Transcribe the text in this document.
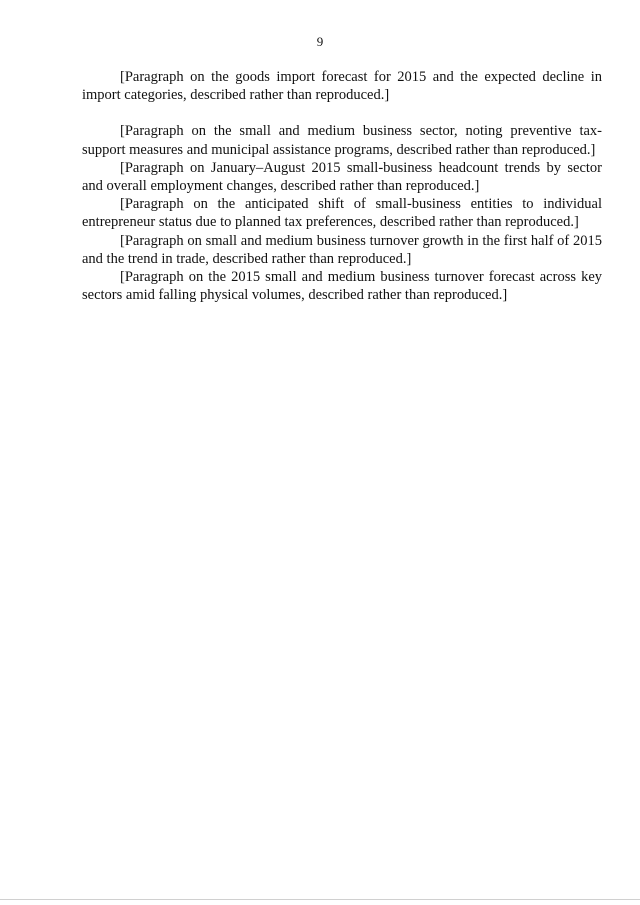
9

[Paragraph on the goods import forecast for 2015 and the expected decline in import categories, described rather than reproduced.]

[Paragraph on the small and medium business sector, noting preventive tax-support measures and municipal assistance programs, described rather than reproduced.]

[Paragraph on January–August 2015 small-business headcount trends by sector and overall employment changes, described rather than reproduced.]

[Paragraph on the anticipated shift of small-business entities to individual entrepreneur status due to planned tax preferences, described rather than reproduced.]

[Paragraph on small and medium business turnover growth in the first half of 2015 and the trend in trade, described rather than reproduced.]

[Paragraph on the 2015 small and medium business turnover forecast across key sectors amid falling physical volumes, described rather than reproduced.]
